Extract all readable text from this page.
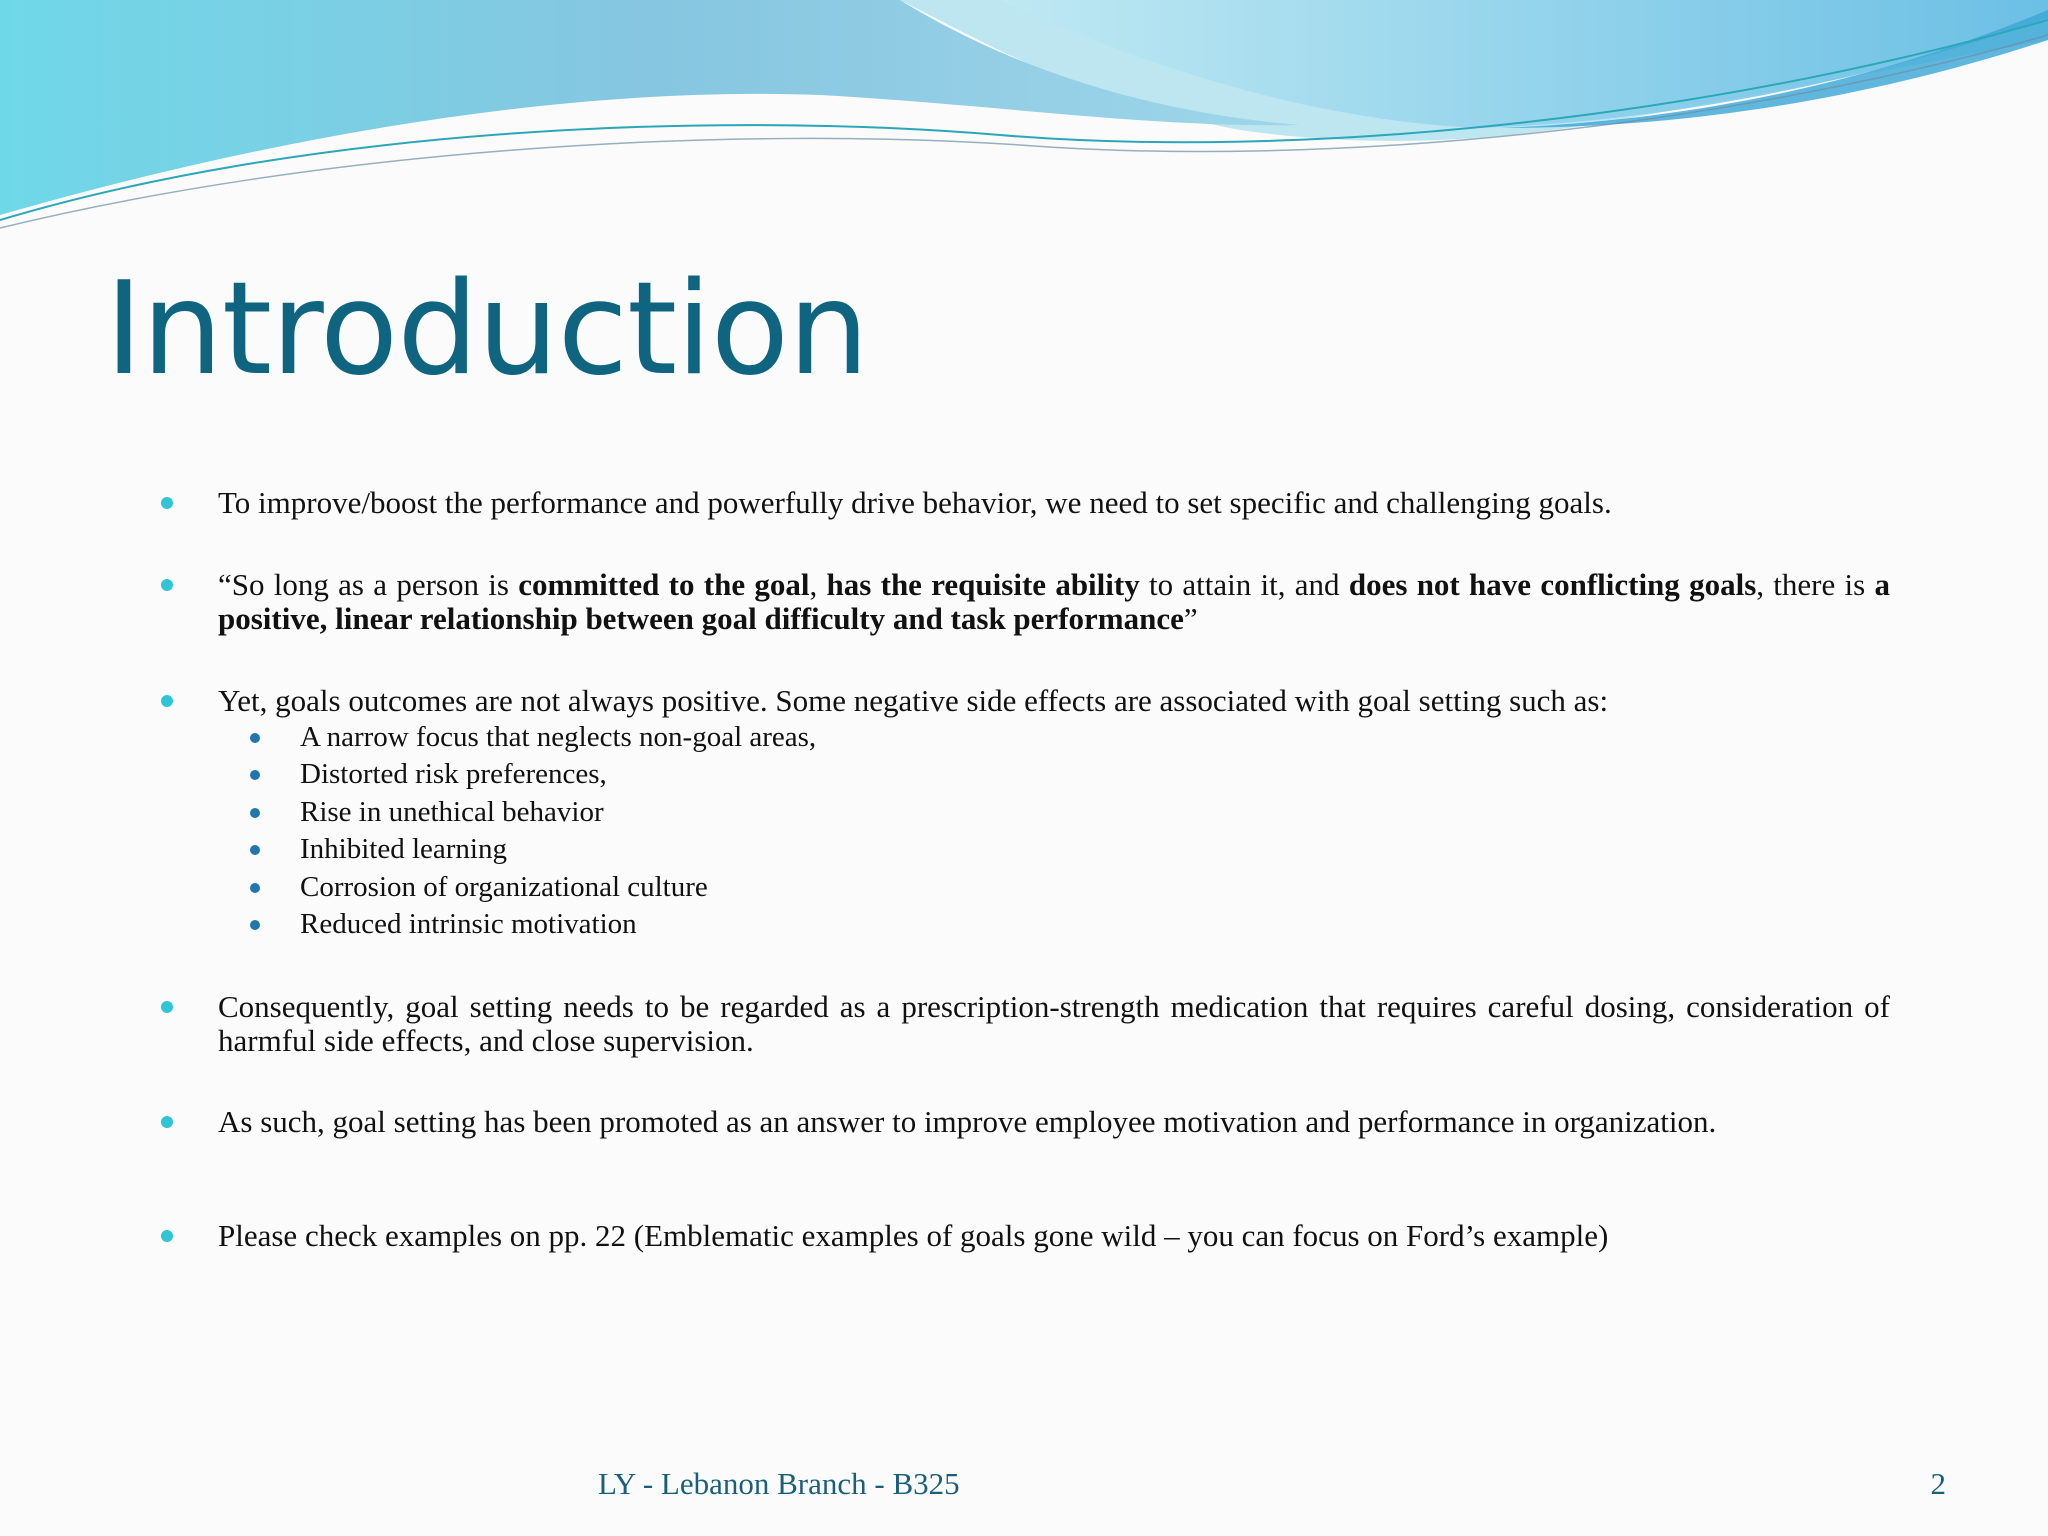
Introduction
To improve/boost the performance and powerfully drive behavior, we need to set specific and challenging goals.
“So long as a person is committed to the goal, has the requisite ability to attain it, and does not have conflicting goals, there is a positive, linear relationship between goal difficulty and task performance”
Yet, goals outcomes are not always positive. Some negative side effects are associated with goal setting such as:
A narrow focus that neglects non-goal areas,
Distorted risk preferences,
Rise in unethical behavior
Inhibited learning
Corrosion of organizational culture
Reduced intrinsic motivation
Consequently, goal setting needs to be regarded as a prescription-strength medication that requires careful dosing, consideration of harmful side effects, and close supervision.
As such, goal setting has been promoted as an answer to improve employee motivation and performance in organization.
Please check examples on pp. 22 (Emblematic examples of goals gone wild – you can focus on Ford’s example)
LY - Lebanon Branch - B325	2
